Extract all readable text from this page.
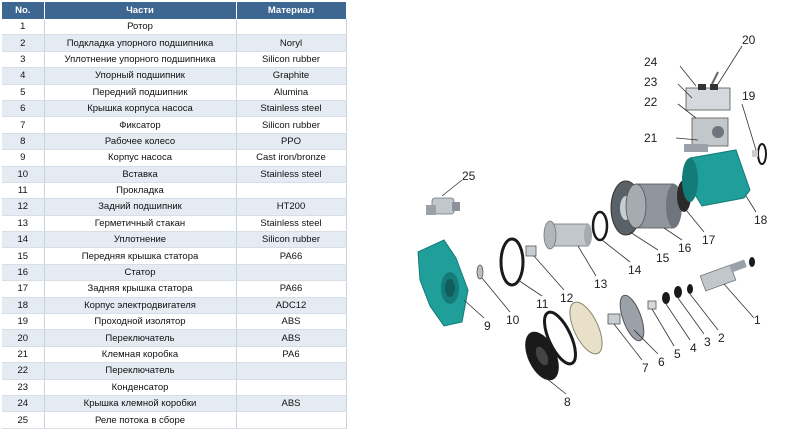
No.	Части	Материал
1	Ротор	
2	Подкладка упорного подшипника	Noryl
3	Уплотнение упорного подшипника	Silicon rubber
4	Упорный подшипник	Graphite
5	Передний подшипник	Alumina
6	Крышка корпуса насоса	Stainless steel
7	Фиксатор	Silicon rubber
8	Рабочее колесо	PPO
9	Корпус насоса	Cast iron/bronze
10	Вставка	Stainless steel
11	Прокладка	
12	Задний подшипник	HT200
13	Герметичный стакан	Stainless steel
14	Уплотнение	Silicon rubber
15	Передняя крышка статора	PA66
16	Статор	
17	Задняя крышка статора	PA66
18	Корпус электродвигателя	ADC12
19	Проходной изолятор	ABS
20	Переключатель	ABS
21	Клемная коробка	PA6
22	Переключатель	
23	Конденсатор	
24	Крышка клемной коробки	ABS
25	Реле потока в сборе	
1
2
3
4
5
6
7
8
9 10
11 12
13
14
15
16
17
18
19
20
21
22
23
24
25
